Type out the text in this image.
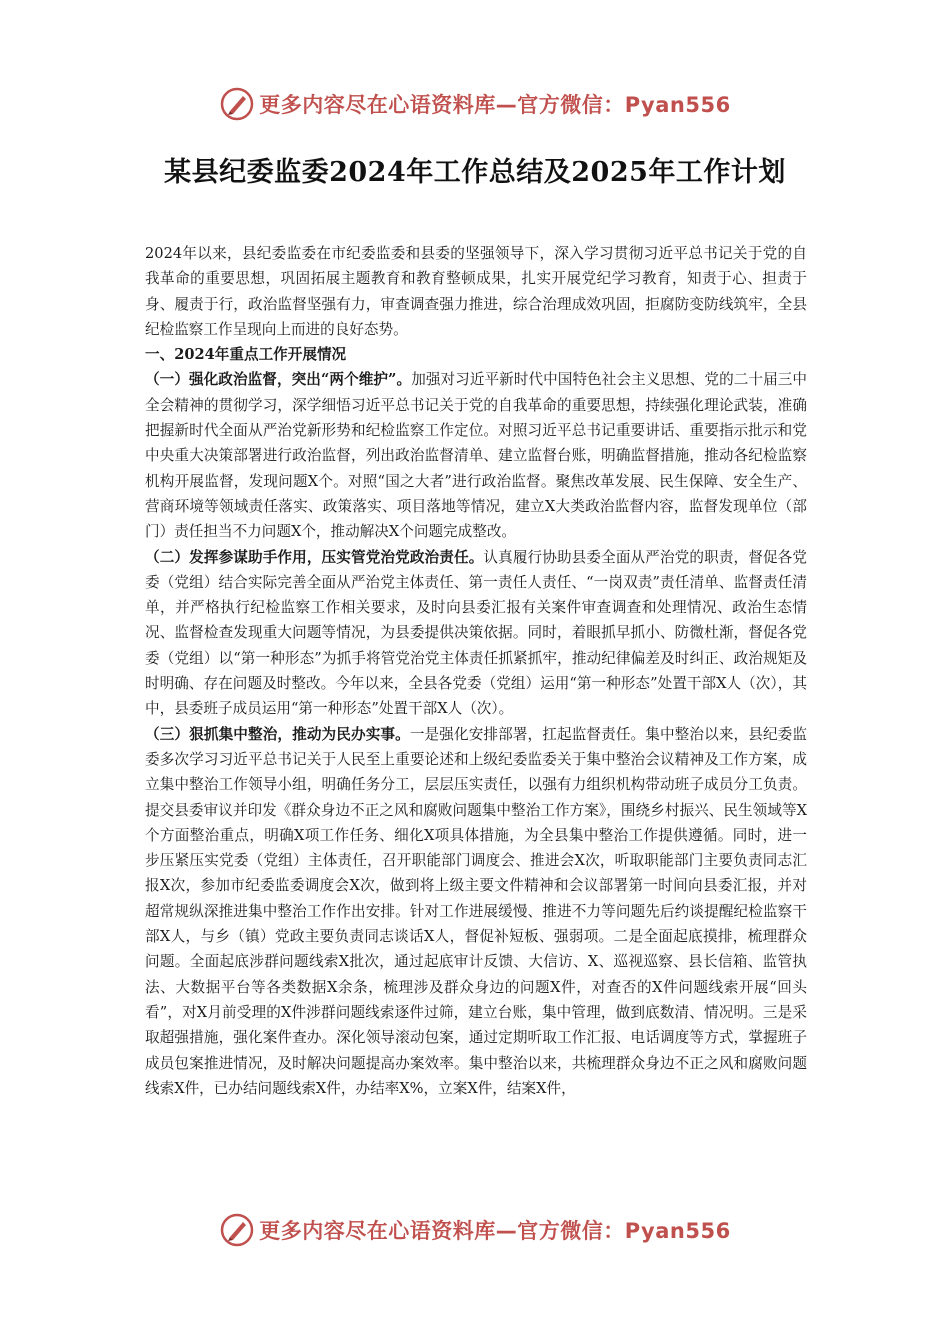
更多内容尽在心语资料库—官方微信：Pyan556
某县纪委监委2024年工作总结及2025年工作计划

2024年以来，县纪委监委在市纪委监委和县委的坚强领导下，深入学习贯彻习近平总书记关于党的自我革命的重要思想，巩固拓展主题教育和教育整顿成果，扎实开展党纪学习教育，知责于心、担责于身、履责于行，政治监督坚强有力，审查调查强力推进，综合治理成效巩固，拒腐防变防线筑牢，全县纪检监察工作呈现向上而进的良好态势。

一、2024年重点工作开展情况

（一）强化政治监督，突出“两个维护”。加强对习近平新时代中国特色社会主义思想、党的二十届三中全会精神的贯彻学习，深学细悟习近平总书记关于党的自我革命的重要思想，持续强化理论武装，准确把握新时代全面从严治党新形势和纪检监察工作定位。对照习近平总书记重要讲话、重要指示批示和党中央重大决策部署进行政治监督，列出政治监督清单、建立监督台账，明确监督措施，推动各纪检监察机构开展监督，发现问题X个。对照“国之大者”进行政治监督。聚焦改革发展、民生保障、安全生产、营商环境等领域责任落实、政策落实、项目落地等情况，建立X大类政治监督内容，监督发现单位（部门）责任担当不力问题X个，推动解决X个问题完成整改。

（二）发挥参谋助手作用，压实管党治党政治责任。认真履行协助县委全面从严治党的职责，督促各党委（党组）结合实际完善全面从严治党主体责任、第一责任人责任、“一岗双责”责任清单、监督责任清单，并严格执行纪检监察工作相关要求，及时向县委汇报有关案件审查调查和处理情况、政治生态情况、监督检查发现重大问题等情况，为县委提供决策依据。同时，着眼抓早抓小、防微杜渐，督促各党委（党组）以“第一种形态”为抓手将管党治党主体责任抓紧抓牢，推动纪律偏差及时纠正、政治规矩及时明确、存在问题及时整改。今年以来，全县各党委（党组）运用“第一种形态”处置干部X人（次），其中，县委班子成员运用“第一种形态”处置干部X人（次）。

（三）狠抓集中整治，推动为民办实事。一是强化安排部署，扛起监督责任。集中整治以来，县纪委监委多次学习习近平总书记关于人民至上重要论述和上级纪委监委关于集中整治会议精神及工作方案，成立集中整治工作领导小组，明确任务分工，层层压实责任，以强有力组织机构带动班子成员分工负责。提交县委审议并印发《群众身边不正之风和腐败问题集中整治工作方案》，围绕乡村振兴、民生领域等X个方面整治重点，明确X项工作任务、细化X项具体措施，为全县集中整治工作提供遵循。同时，进一步压紧压实党委（党组）主体责任，召开职能部门调度会、推进会X次，听取职能部门主要负责同志汇报X次，参加市纪委监委调度会X次，做到将上级主要文件精神和会议部署第一时间向县委汇报，并对超常规纵深推进集中整治工作作出安排。针对工作进展缓慢、推进不力等问题先后约谈提醒纪检监察干部X人，与乡（镇）党政主要负责同志谈话X人，督促补短板、强弱项。二是全面起底摸排，梳理群众问题。全面起底涉群问题线索X批次，通过起底审计反馈、大信访、X、巡视巡察、县长信箱、监管执法、大数据平台等各类数据X余条，梳理涉及群众身边的问题X件，对查否的X件问题线索开展“回头看”，对X月前受理的X件涉群问题线索逐件过筛，建立台账，集中管理，做到底数清、情况明。三是采取超强措施，强化案件查办。深化领导滚动包案，通过定期听取工作汇报、电话调度等方式，掌握班子成员包案推进情况，及时解决问题提高办案效率。集中整治以来，共梳理群众身边不正之风和腐败问题线索X件，已办结问题线索X件，办结率X%，立案X件，结案X件，

更多内容尽在心语资料库—官方微信：Pyan556
